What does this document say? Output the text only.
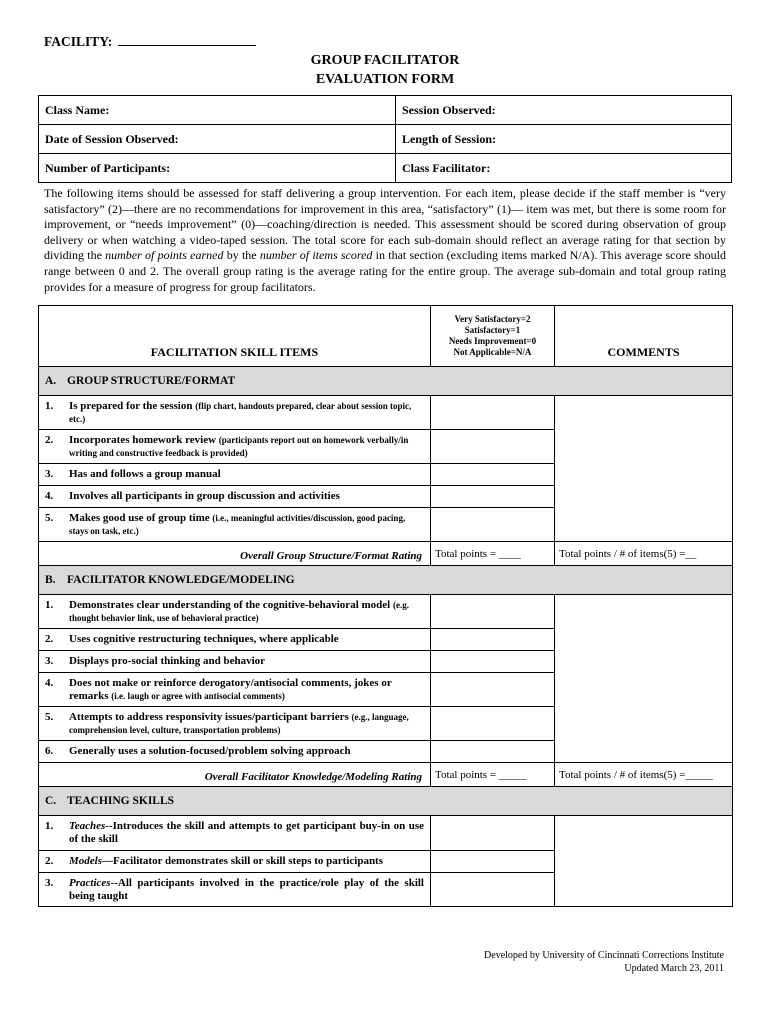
FACILITY:
GROUP FACILITATOR
EVALUATION FORM
Class Name:	Session Observed:
Date of Session Observed:	Length of Session:
Number of Participants:	Class Facilitator:
The following items should be assessed for staff delivering a group intervention. For each item, please decide if the staff member is “very satisfactory” (2)—there are no recommendations for improvement in this area, “satisfactory” (1)— item was met, but there is some room for improvement, or “needs improvement” (0)—coaching/direction is needed. This assessment should be scored during observation of group delivery or when watching a video-taped session. The total score for each sub-domain should reflect an average rating for that section by dividing the number of points earned by the number of items scored in that section (excluding items marked N/A). This average score should range between 0 and 2. The overall group rating is the average rating for the entire group. The average sub-domain and total group rating provides for a measure of progress for group facilitators.
FACILITATION SKILL ITEMS	Very Satisfactory=2
Satisfactory=1
Needs Improvement=0
Not Applicable=N/A	COMMENTS
A. GROUP STRUCTURE/FORMAT		

1. Is prepared for the session (flip chart, handouts prepared, clear about session topic, etc.)		

2. Incorporates homework review (participants report out on homework verbally/in writing and constructive feedback is provided)		

3. Has and follows a group manual		

4. Involves all participants in group discussion and activities		

5. Makes good use of group time (i.e., meaningful activities/discussion, good pacing, stays on task, etc.)		

Overall Group Structure/Format Rating	Total points = ____	Total points / # of items(5) =__
B. FACILITATOR KNOWLEDGE/MODELING		

1. Demonstrates clear understanding of the cognitive-behavioral model (e.g. thought behavior link, use of behavioral practice)		

2. Uses cognitive restructuring techniques, where applicable		

3. Displays pro-social thinking and behavior		

4. Does not make or reinforce derogatory/antisocial comments, jokes or remarks (i.e. laugh or agree with antisocial comments)		

5. Attempts to address responsivity issues/participant barriers (e.g., language, comprehension level, culture, transportation problems)		

6. Generally uses a solution-focused/problem solving approach		

Overall Facilitator Knowledge/Modeling Rating	Total points = _____	Total points / # of items(5) =_____
C. TEACHING SKILLS		

1. Teaches--Introduces the skill and attempts to get participant buy-in on use of the skill		

2. Models—Facilitator demonstrates skill or skill steps to participants		

3. Practices--All participants involved in the practice/role play of the skill being taught		

Developed by University of Cincinnati Corrections Institute
Updated March 23, 2011
